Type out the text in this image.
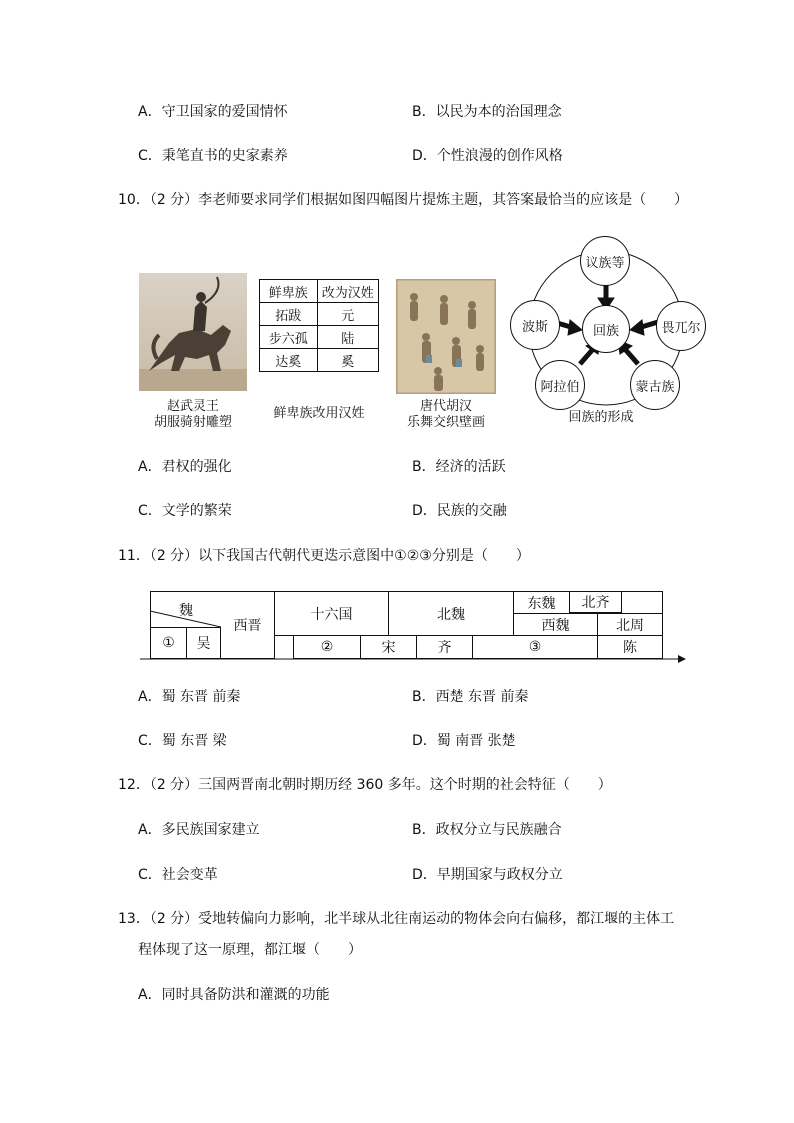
A．守卫国家的爱国情怀	B．以民为本的治国理念
C．秉笔直书的史家素养	D．个性浪漫的创作风格
10．（2 分）李老师要求同学们根据如图四幅图片提炼主题，其答案最恰当的应该是（　　）
赵武灵王
胡服骑射雕塑
鲜卑族	改为汉姓
拓跋	元
步六孤	陆
达奚	奚
鲜卑族改用汉姓	唐代胡汉
乐舞交织壁画
议族等
畏兀尔
蒙古族
阿拉伯
波斯	回族
回族的形成
A．君权的强化	B．经济的活跃
C．文学的繁荣	D．民族的交融
11．（2 分）以下我国古代朝代更迭示意图中①②③分别是（　　）
魏
①	吴
西晋
十六国	北魏
东魏	北齐
西魏	北周
②	宋	齐	③	陈
A．蜀 东晋 前秦	B．西楚 东晋 前秦
C．蜀 东晋 梁	D．蜀 南晋 张楚
12．（2 分）三国两晋南北朝时期历经 360 多年。这个时期的社会特征（　　）
A．多民族国家建立	B．政权分立与民族融合
C．社会变革	D．早期国家与政权分立
13．（2 分）受地转偏向力影响，北半球从北往南运动的物体会向右偏移，都江堰的主体工
程体现了这一原理，都江堰（　　）
A．同时具备防洪和灌溉的功能
